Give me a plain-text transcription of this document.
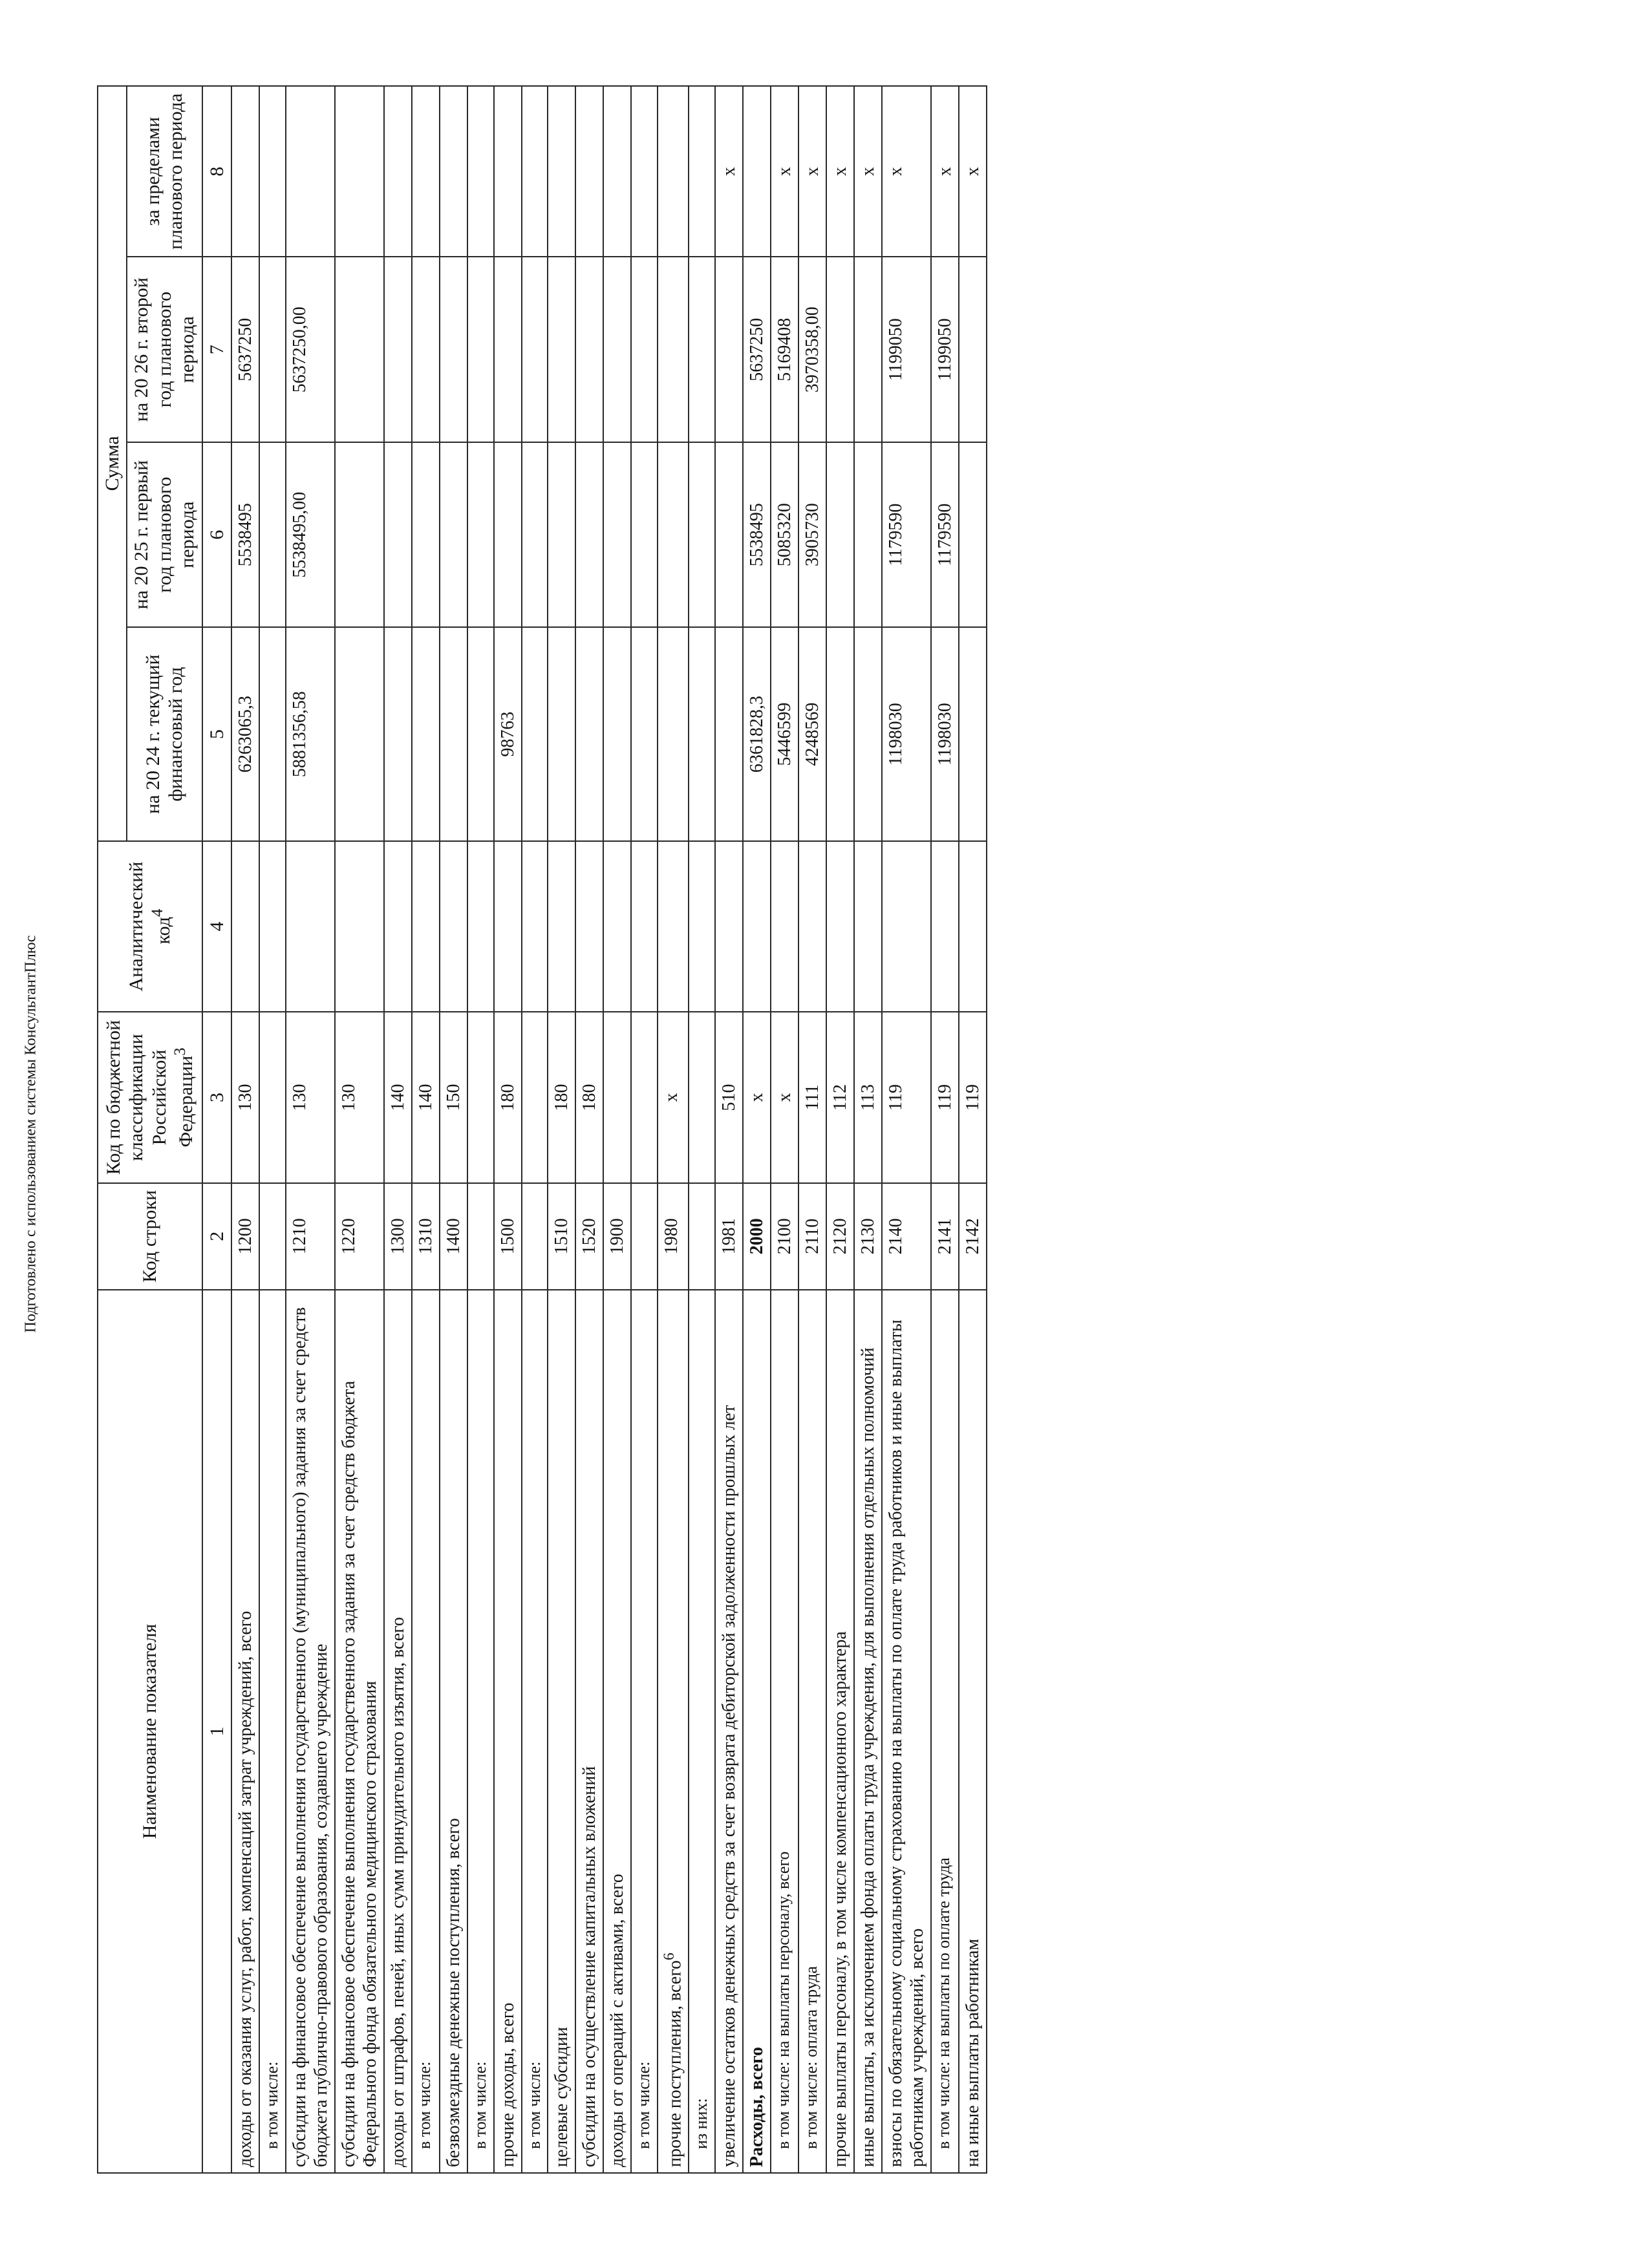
Подготовлено с использованием системы КонсультантПлюс
Наименование показателя	Код строки	Код по бюджетной классификации Российской Федерации$^3$	Аналитический код$^4$	Сумма			
				на 20 24 г. текущий финансовый год	на 20 25 г. первый год планового периода	на 20 26 г. второй год планового периода	за пределами планового периода
1	2	3	4	5	6	7	8
доходы от оказания услуг, работ, компенсаций затрат учреждений, всего	1200	130		6263065,3	5538495	5637250	
в том числе:							
субсидии на финансовое обеспечение выполнения государственного (муниципального) задания за счет средств бюджета публично-правового образования, создавшего учреждение	1210	130		5881356,58	5538495,00	5637250,00	
субсидии на финансовое обеспечение выполнения государственного задания за счет средств бюджета Федерального фонда обязательного медицинского страхования	1220	130					
доходы от штрафов, пеней, иных сумм принудительного изъятия, всего	1300	140					
в том числе:	1310	140					
безвозмездные денежные поступления, всего	1400	150					
в том числе:							
прочие доходы, всего	1500	180		98763			
в том числе:							
целевые субсидии	1510	180					
субсидии на осуществление капитальных вложений	1520	180					
доходы от операций с активами, всего	1900						
в том числе:							
прочие поступления, всего$^6$	1980	х					
из них:							
увеличение остатков денежных средств за счет возврата дебиторской задолженности прошлых лет	1981	510					х
Расходы, всего	2000	х		6361828,3	5538495	5637250	
в том числе: на выплаты персоналу, всего	2100	х		5446599	5085320	5169408	х
в том числе: оплата труда	2110	111		4248569	3905730	3970358,00	х
прочие выплаты персоналу, в том числе компенсационного характера	2120	112					х
иные выплаты, за исключением фонда оплаты труда учреждения, для выполнения отдельных полномочий	2130	113					х
взносы по обязательному социальному страхованию на выплаты по оплате труда работников и иные выплаты работникам учреждений, всего	2140	119		1198030	1179590	1199050	х
в том числе: на выплаты по оплате труда	2141	119		1198030	1179590	1199050	х
на иные выплаты работникам	2142	119					х
